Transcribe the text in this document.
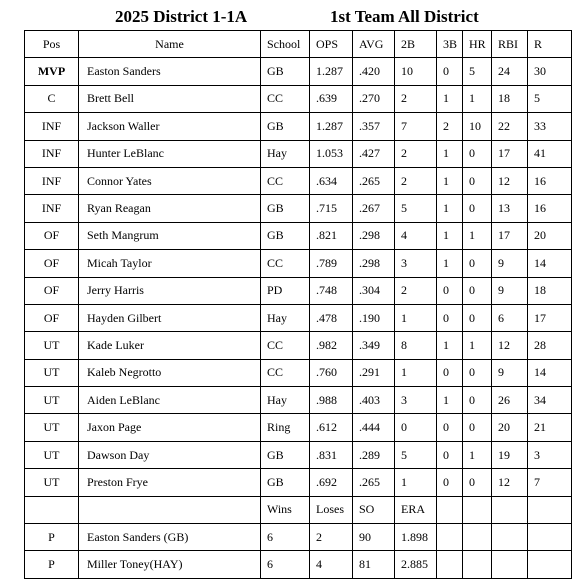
2025 District 1-1A	1st Team All District
Pos	Name	School	OPS	AVG	2B	3B	HR	RBI	R
MVP	Easton Sanders	GB	1.287	.420	10	0	5	24	30
C	Brett Bell	CC	.639	.270	2	1	1	18	5
INF	Jackson Waller	GB	1.287	.357	7	2	10	22	33
INF	Hunter LeBlanc	Hay	1.053	.427	2	1	0	17	41
INF	Connor Yates	CC	.634	.265	2	1	0	12	16
INF	Ryan Reagan	GB	.715	.267	5	1	0	13	16
OF	Seth Mangrum	GB	.821	.298	4	1	1	17	20
OF	Micah Taylor	CC	.789	.298	3	1	0	9	14
OF	Jerry Harris	PD	.748	.304	2	0	0	9	18
OF	Hayden Gilbert	Hay	.478	.190	1	0	0	6	17
UT	Kade Luker	CC	.982	.349	8	1	1	12	28
UT	Kaleb Negrotto	CC	.760	.291	1	0	0	9	14
UT	Aiden LeBlanc	Hay	.988	.403	3	1	0	26	34
UT	Jaxon Page	Ring	.612	.444	0	0	0	20	21
UT	Dawson Day	GB	.831	.289	5	0	1	19	3
UT	Preston Frye	GB	.692	.265	1	0	0	12	7
		Wins	Loses	SO	ERA				
P	Easton Sanders (GB)	6	2	90	1.898				
P	Miller Toney(HAY)	6	4	81	2.885				
